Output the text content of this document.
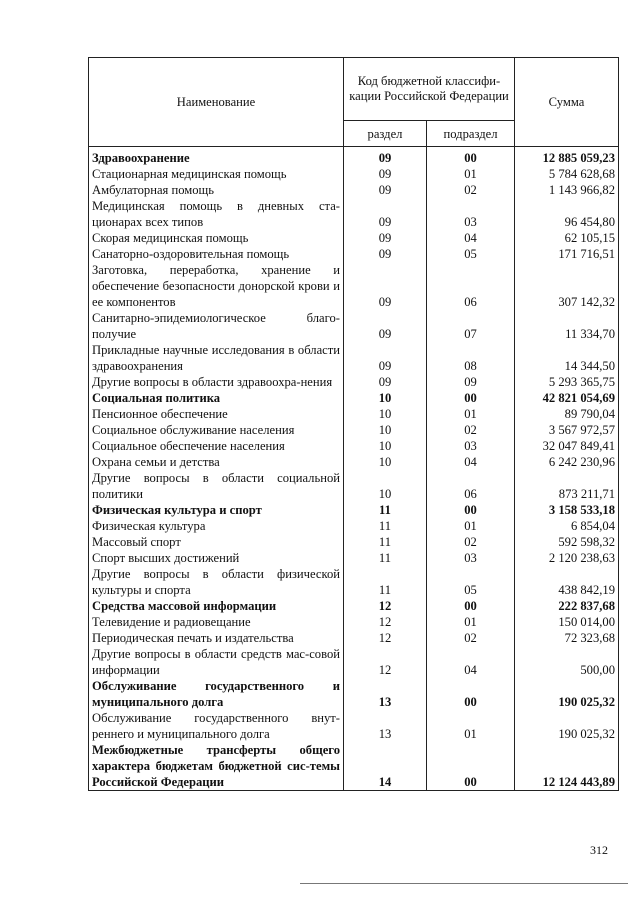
Наименование	Код бюджетной классифи-кации Российской Федерации		Сумма
	раздел	подраздел	
Здравоохранение	09	00	12 885 059,23
Стационарная медицинская помощь	09	01	5 784 628,68
Амбулаторная помощь	09	02	1 143 966,82
Медицинская помощь в дневных ста-ционарах всех типов	09	03	96 454,80
Скорая медицинская помощь	09	04	62 105,15
Санаторно-оздоровительная помощь	09	05	171 716,51
Заготовка, переработка, хранение и обеспечение безопасности донорской крови и ее компонентов	09	06	307 142,32
Санитарно-эпидемиологическое благо-получие	09	07	11 334,70
Прикладные научные исследования в области здравоохранения	09	08	14 344,50
Другие вопросы в области здравоохра-нения	09	09	5 293 365,75
Социальная политика	10	00	42 821 054,69
Пенсионное обеспечение	10	01	89 790,04
Социальное обслуживание населения	10	02	3 567 972,57
Социальное обеспечение населения	10	03	32 047 849,41
Охрана семьи и детства	10	04	6 242 230,96
Другие вопросы в области социальной политики	10	06	873 211,71
Физическая культура и спорт	11	00	3 158 533,18
Физическая культура	11	01	6 854,04
Массовый спорт	11	02	592 598,32
Спорт высших достижений	11	03	2 120 238,63
Другие вопросы в области физической культуры и спорта	11	05	438 842,19
Средства массовой информации	12	00	222 837,68
Телевидение и радиовещание	12	01	150 014,00
Периодическая печать и издательства	12	02	72 323,68
Другие вопросы в области средств мас-совой информации	12	04	500,00
Обслуживание государственного и муниципального долга	13	00	190 025,32
Обслуживание государственного внут-реннего и муниципального долга	13	01	190 025,32
Межбюджетные трансферты общего характера бюджетам бюджетной сис-темы Российской Федерации	14	00	12 124 443,89
312
